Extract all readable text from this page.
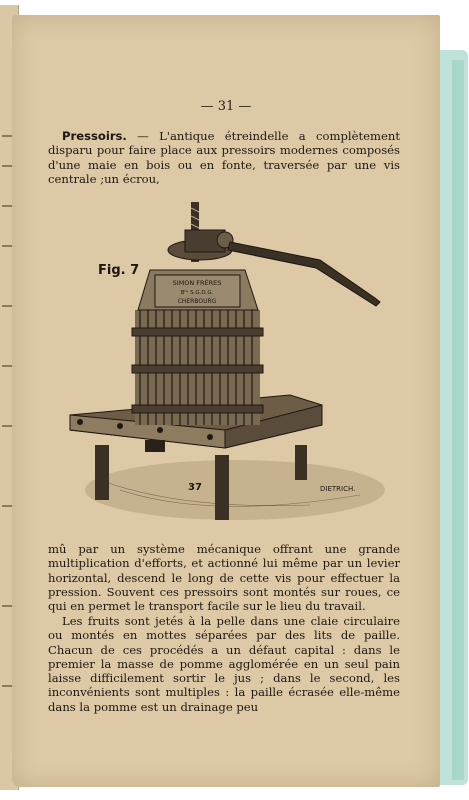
— 31 —

Pressoirs. — L'antique étreindelle a complètement disparu pour faire place aux pressoirs modernes composés d'une maie en bois ou en fonte, traversée par une vis centrale ;un écrou,

Fig. 7
SIMON FRÈRES
Bᵗᵉ S.G.D.G.
CHERBOURG
37	DIETRICH.

mû par un système mécanique offrant une grande multiplication d'efforts, et actionné lui même par un levier horizontal, descend le long de cette vis pour effectuer la pression. Souvent ces pressoirs sont montés sur roues, ce qui en permet le transport facile sur le lieu du travail.

Les fruits sont jetés à la pelle dans une claie circulaire ou montés en mottes séparées par des lits de paille. Chacun de ces procédés a un défaut capital : dans le premier la masse de pomme agglomérée en un seul pain laisse difficilement sortir le jus ; dans le second, les inconvénients sont multiples : la paille écrasée elle-même dans la pomme est un drainage peu
